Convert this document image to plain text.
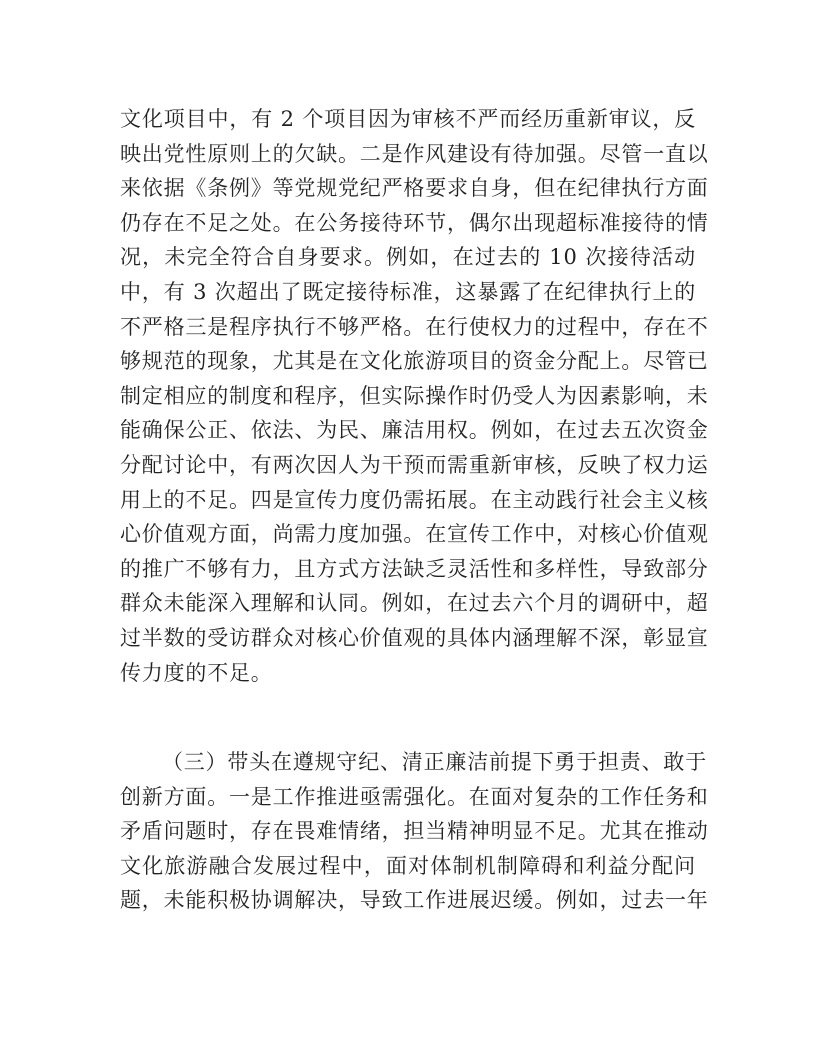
文化项目中，有 2 个项目因为审核不严而经历重新审议，反
映出党性原则上的欠缺。二是作风建设有待加强。尽管一直以
来依据《条例》等党规党纪严格要求自身，但在纪律执行方面
仍存在不足之处。在公务接待环节，偶尔出现超标准接待的情
况，未完全符合自身要求。例如，在过去的 10 次接待活动
中，有 3 次超出了既定接待标准，这暴露了在纪律执行上的
不严格三是程序执行不够严格。在行使权力的过程中，存在不
够规范的现象，尤其是在文化旅游项目的资金分配上。尽管已
制定相应的制度和程序，但实际操作时仍受人为因素影响，未
能确保公正、依法、为民、廉洁用权。例如，在过去五次资金
分配讨论中，有两次因人为干预而需重新审核，反映了权力运
用上的不足。四是宣传力度仍需拓展。在主动践行社会主义核
心价值观方面，尚需力度加强。在宣传工作中，对核心价值观
的推广不够有力，且方式方法缺乏灵活性和多样性，导致部分
群众未能深入理解和认同。例如，在过去六个月的调研中，超
过半数的受访群众对核心价值观的具体内涵理解不深，彰显宣
传力度的不足。
（三）带头在遵规守纪、清正廉洁前提下勇于担责、敢于
创新方面。一是工作推进亟需强化。在面对复杂的工作任务和
矛盾问题时，存在畏难情绪，担当精神明显不足。尤其在推动
文化旅游融合发展过程中，面对体制机制障碍和利益分配问
题，未能积极协调解决，导致工作进展迟缓。例如，过去一年
